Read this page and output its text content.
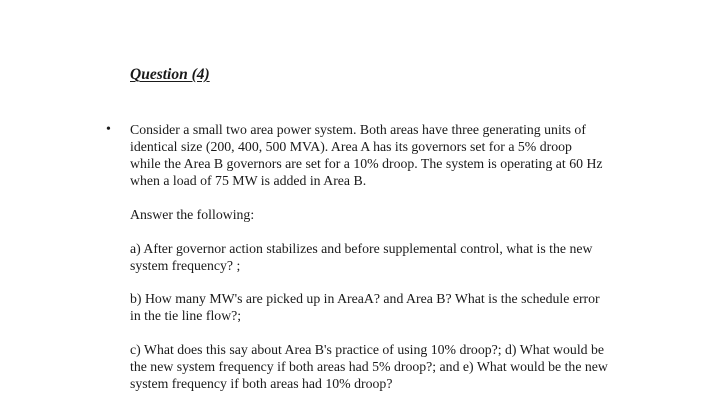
Question (4)
• Consider a small two area power system. Both areas have three generating units of

identical size (200, 400, 500 MVA). Area A has its governors set for a 5% droop

while the Area B governors are set for a 10% droop. The system is operating at 60 Hz

when a load of 75 MW is added in Area B.

Answer the following:

a) After governor action stabilizes and before supplemental control, what is the new

system frequency? ;

b) How many MW's are picked up in AreaA? and Area B? What is the schedule error

in the tie line flow?;

c) What does this say about Area B's practice of using 10% droop?; d) What would be

the new system frequency if both areas had 5% droop?; and e) What would be the new

system frequency if both areas had 10% droop?
